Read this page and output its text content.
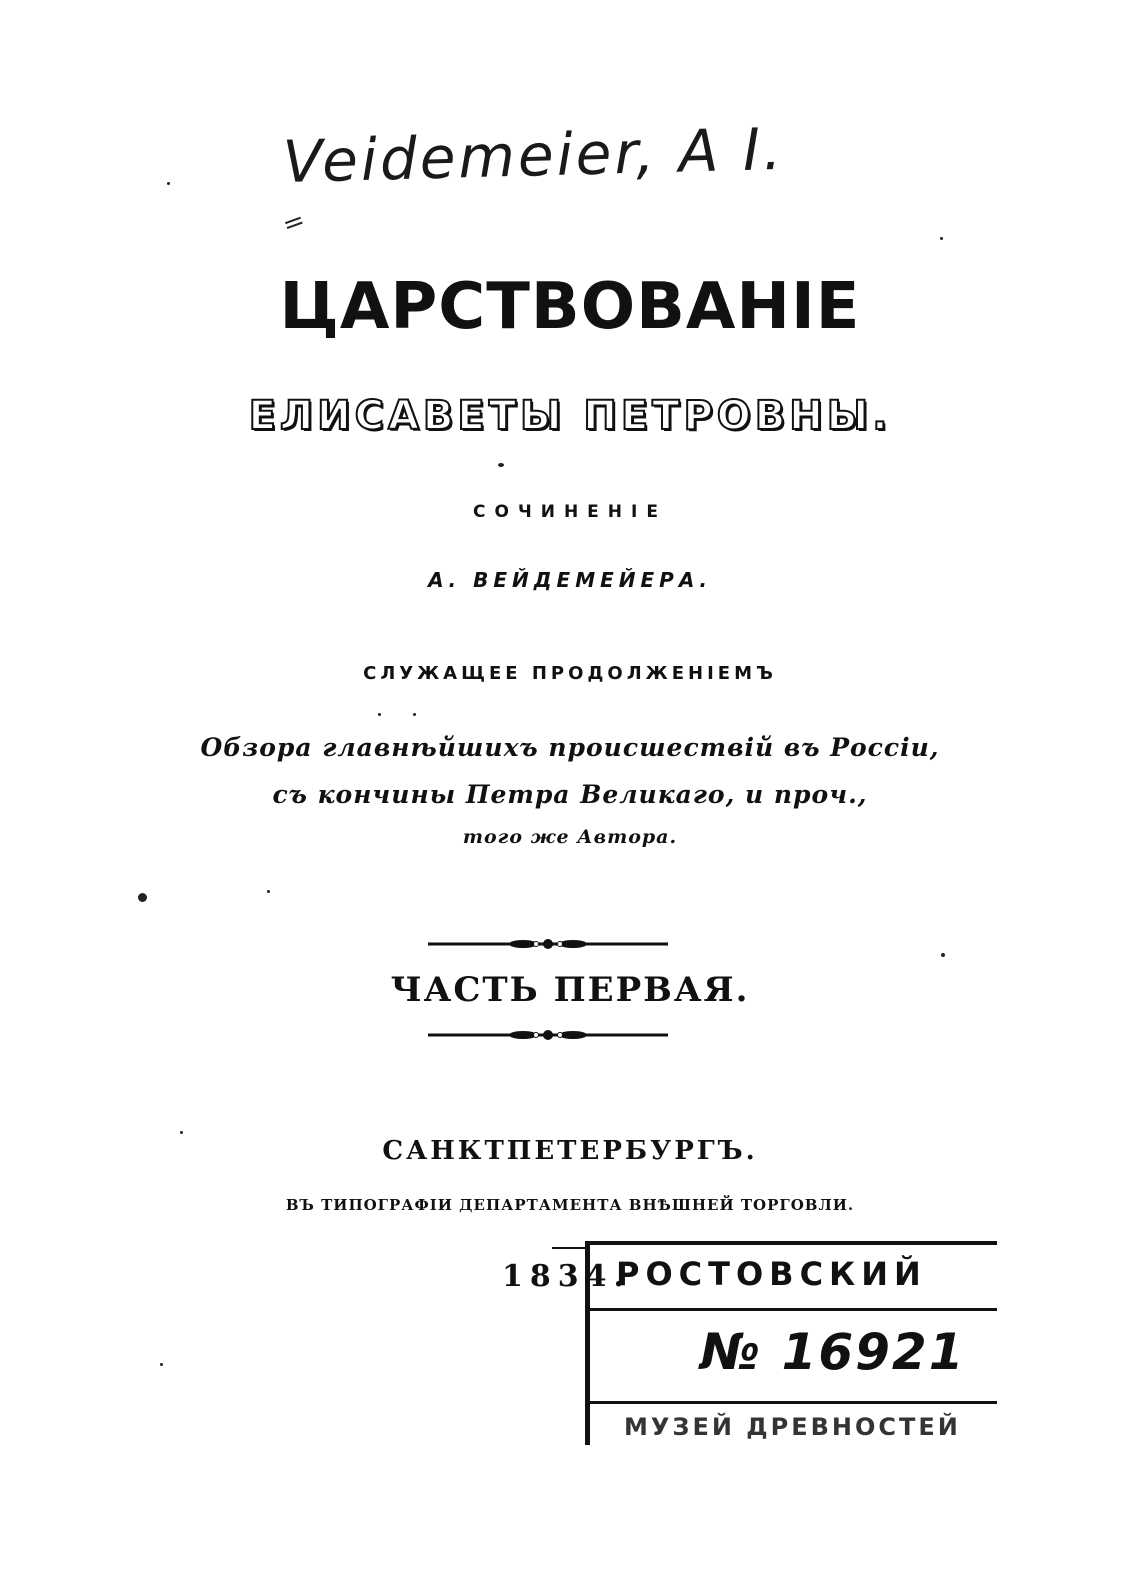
Veidemeier, A I.
=
ЦАРСТВОВАНІЕ
ЕЛИСАВЕТЫ ПЕТРОВНЫ.
СОЧИНЕНІЕ
А. ВЕЙДЕМЕЙЕРА.
СЛУЖАЩЕЕ ПРОДОЛЖЕНІЕМЪ
Обзора главнѣйшихъ происшествій въ Россіи,
съ кончины Петра Великаго, и проч.,
того же Автора.
ЧАСТЬ ПЕРВАЯ.
САНКТПЕТЕРБУРГЪ.
ВЪ ТИПОГРАФІИ ДЕПАРТАМЕНТА ВНѢШНЕЙ ТОРГОВЛИ.
1834.
РОСТОВСКИЙ
№ 16921
МУЗЕЙ ДРЕВНОСТЕЙ
